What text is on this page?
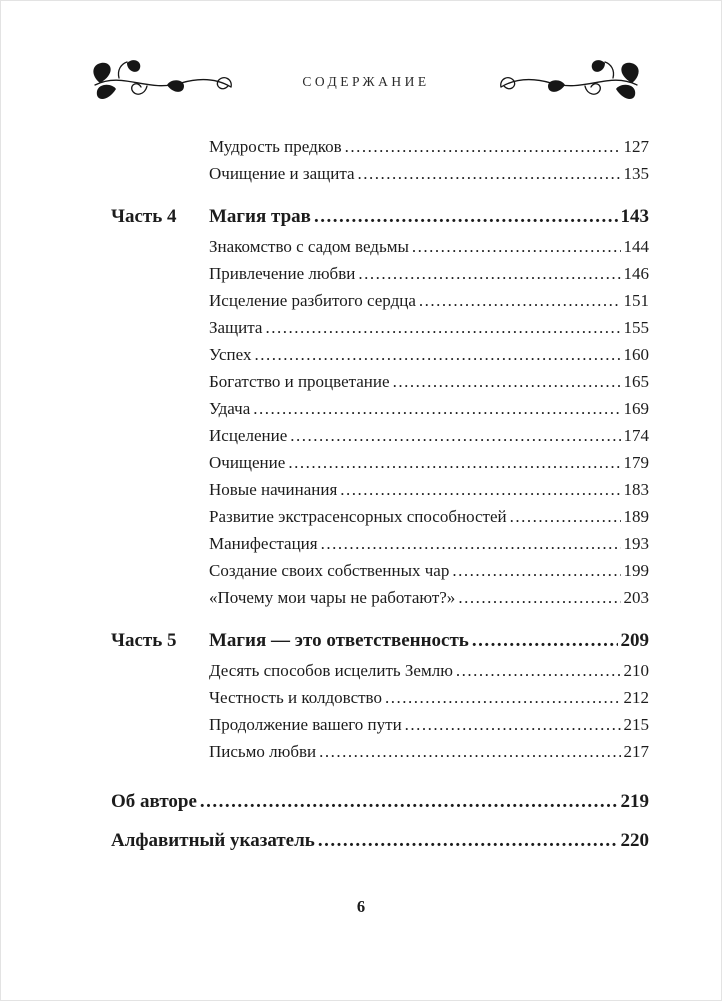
СОДЕРЖАНИЕ
Мудрость предков .....	127
Очищение и защита .....	135
Часть 4	Магия трав .....	143
Знакомство с садом ведьмы .....	144
Привлечение любви .....	146
Исцеление разбитого сердца .....	151
Защита .....	155
Успех .....	160
Богатство и процветание .....	165
Удача .....	169
Исцеление .....	174
Очищение .....	179
Новые начинания .....	183
Развитие экстрасенсорных способностей .....	189
Манифестация .....	193
Создание своих собственных чар .....	199
«Почему мои чары не работают?» .....	203
Часть 5	Магия — это ответственность .....	209
Десять способов исцелить Землю .....	210
Честность и колдовство .....	212
Продолжение вашего пути .....	215
Письмо любви .....	217
Об авторе .....	219
Алфавитный указатель .....	220
6
